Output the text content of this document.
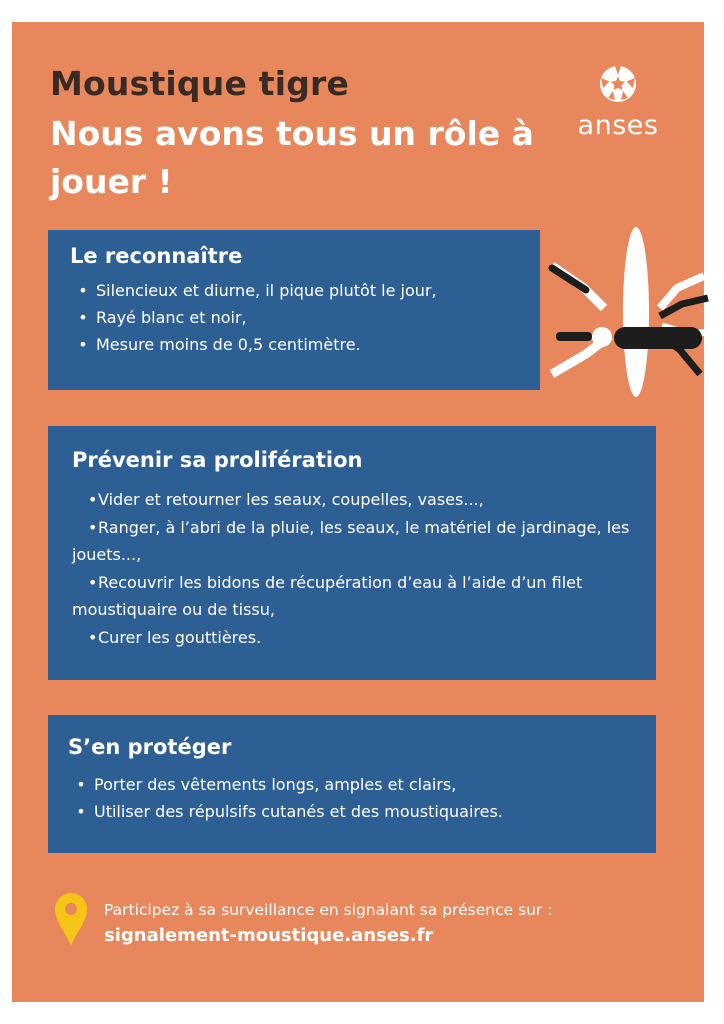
Moustique tigre
Nous avons tous un rôle à jouer !
anses
Le reconnaître
• Silencieux et diurne, il pique plutôt le jour,
• Rayé blanc et noir,
• Mesure moins de 0,5 centimètre.
Prévenir sa prolifération
•Vider et retourner les seaux, coupelles, vases...,
•Ranger, à l’abri de la pluie, les seaux, le matériel de jardinage, les jouets...,
•Recouvrir les bidons de récupération d’eau à l’aide d’un filet moustiquaire ou de tissu,
•Curer les gouttières.
S’en protéger
• Porter des vêtements longs, amples et clairs,
• Utiliser des répulsifs cutanés et des moustiquaires.
Participez à sa surveillance en signalant sa présence sur :
signalement-moustique.anses.fr
